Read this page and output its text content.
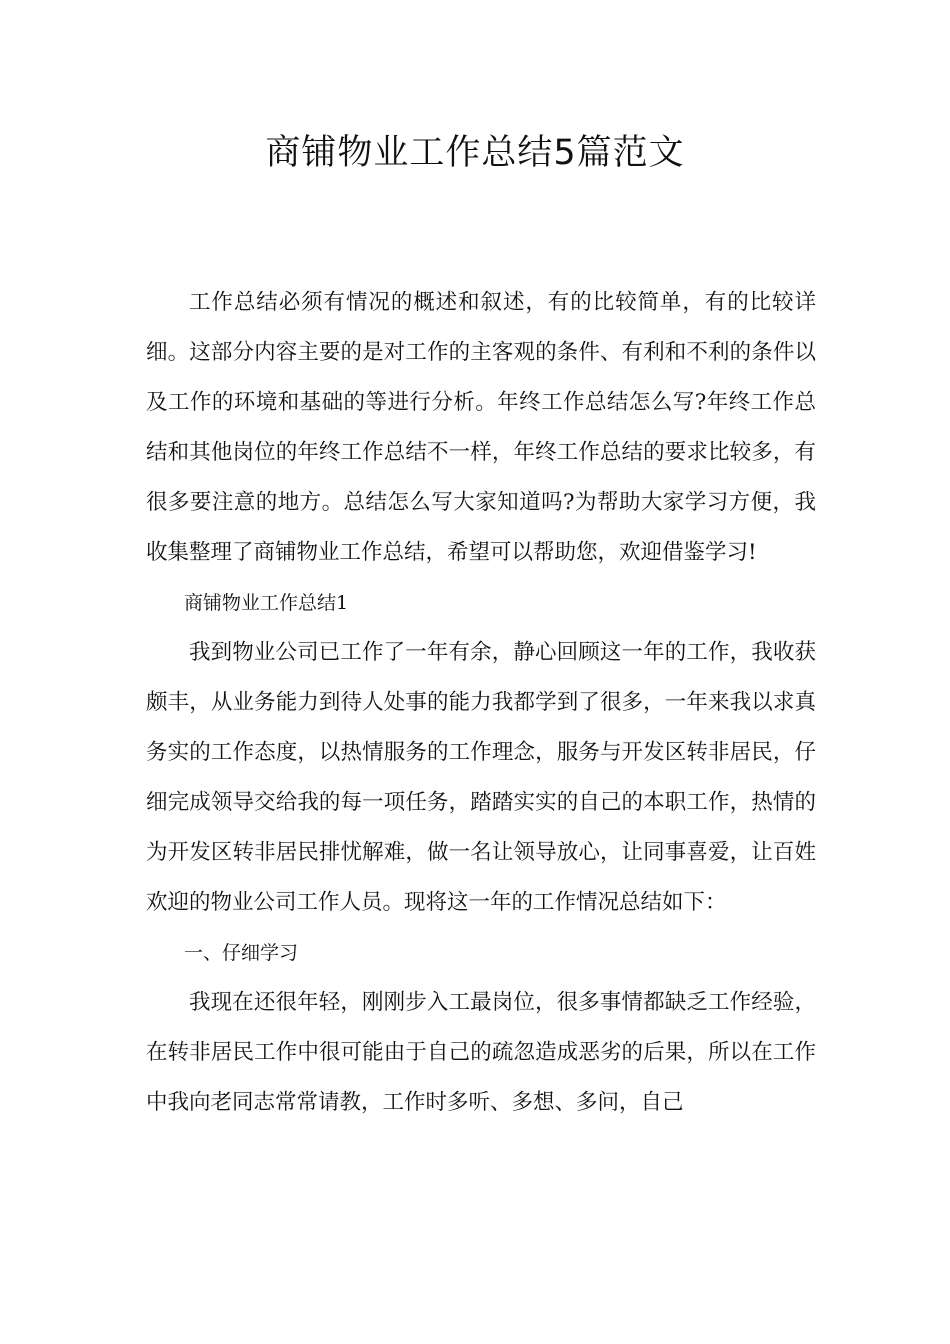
商铺物业工作总结5篇范文

工作总结必须有情况的概述和叙述，有的比较简单，有的比较详细。这部分内容主要的是对工作的主客观的条件、有利和不利的条件以及工作的环境和基础的等进行分析。年终工作总结怎么写?年终工作总结和其他岗位的年终工作总结不一样，年终工作总结的要求比较多，有很多要注意的地方。总结怎么写大家知道吗?为帮助大家学习方便，我收集整理了商铺物业工作总结，希望可以帮助您，欢迎借鉴学习!

商铺物业工作总结1

我到物业公司已工作了一年有余，静心回顾这一年的工作，我收获颇丰，从业务能力到待人处事的能力我都学到了很多，一年来我以求真务实的工作态度，以热情服务的工作理念，服务与开发区转非居民，仔细完成领导交给我的每一项任务，踏踏实实的自己的本职工作，热情的为开发区转非居民排忧解难，做一名让领导放心，让同事喜爱，让百姓欢迎的物业公司工作人员。现将这一年的工作情况总结如下：

一、仔细学习

我现在还很年轻，刚刚步入工最岗位，很多事情都缺乏工作经验，在转非居民工作中很可能由于自己的疏忽造成恶劣的后果，所以在工作中我向老同志常常请教，工作时多听、多想、多问，自己
